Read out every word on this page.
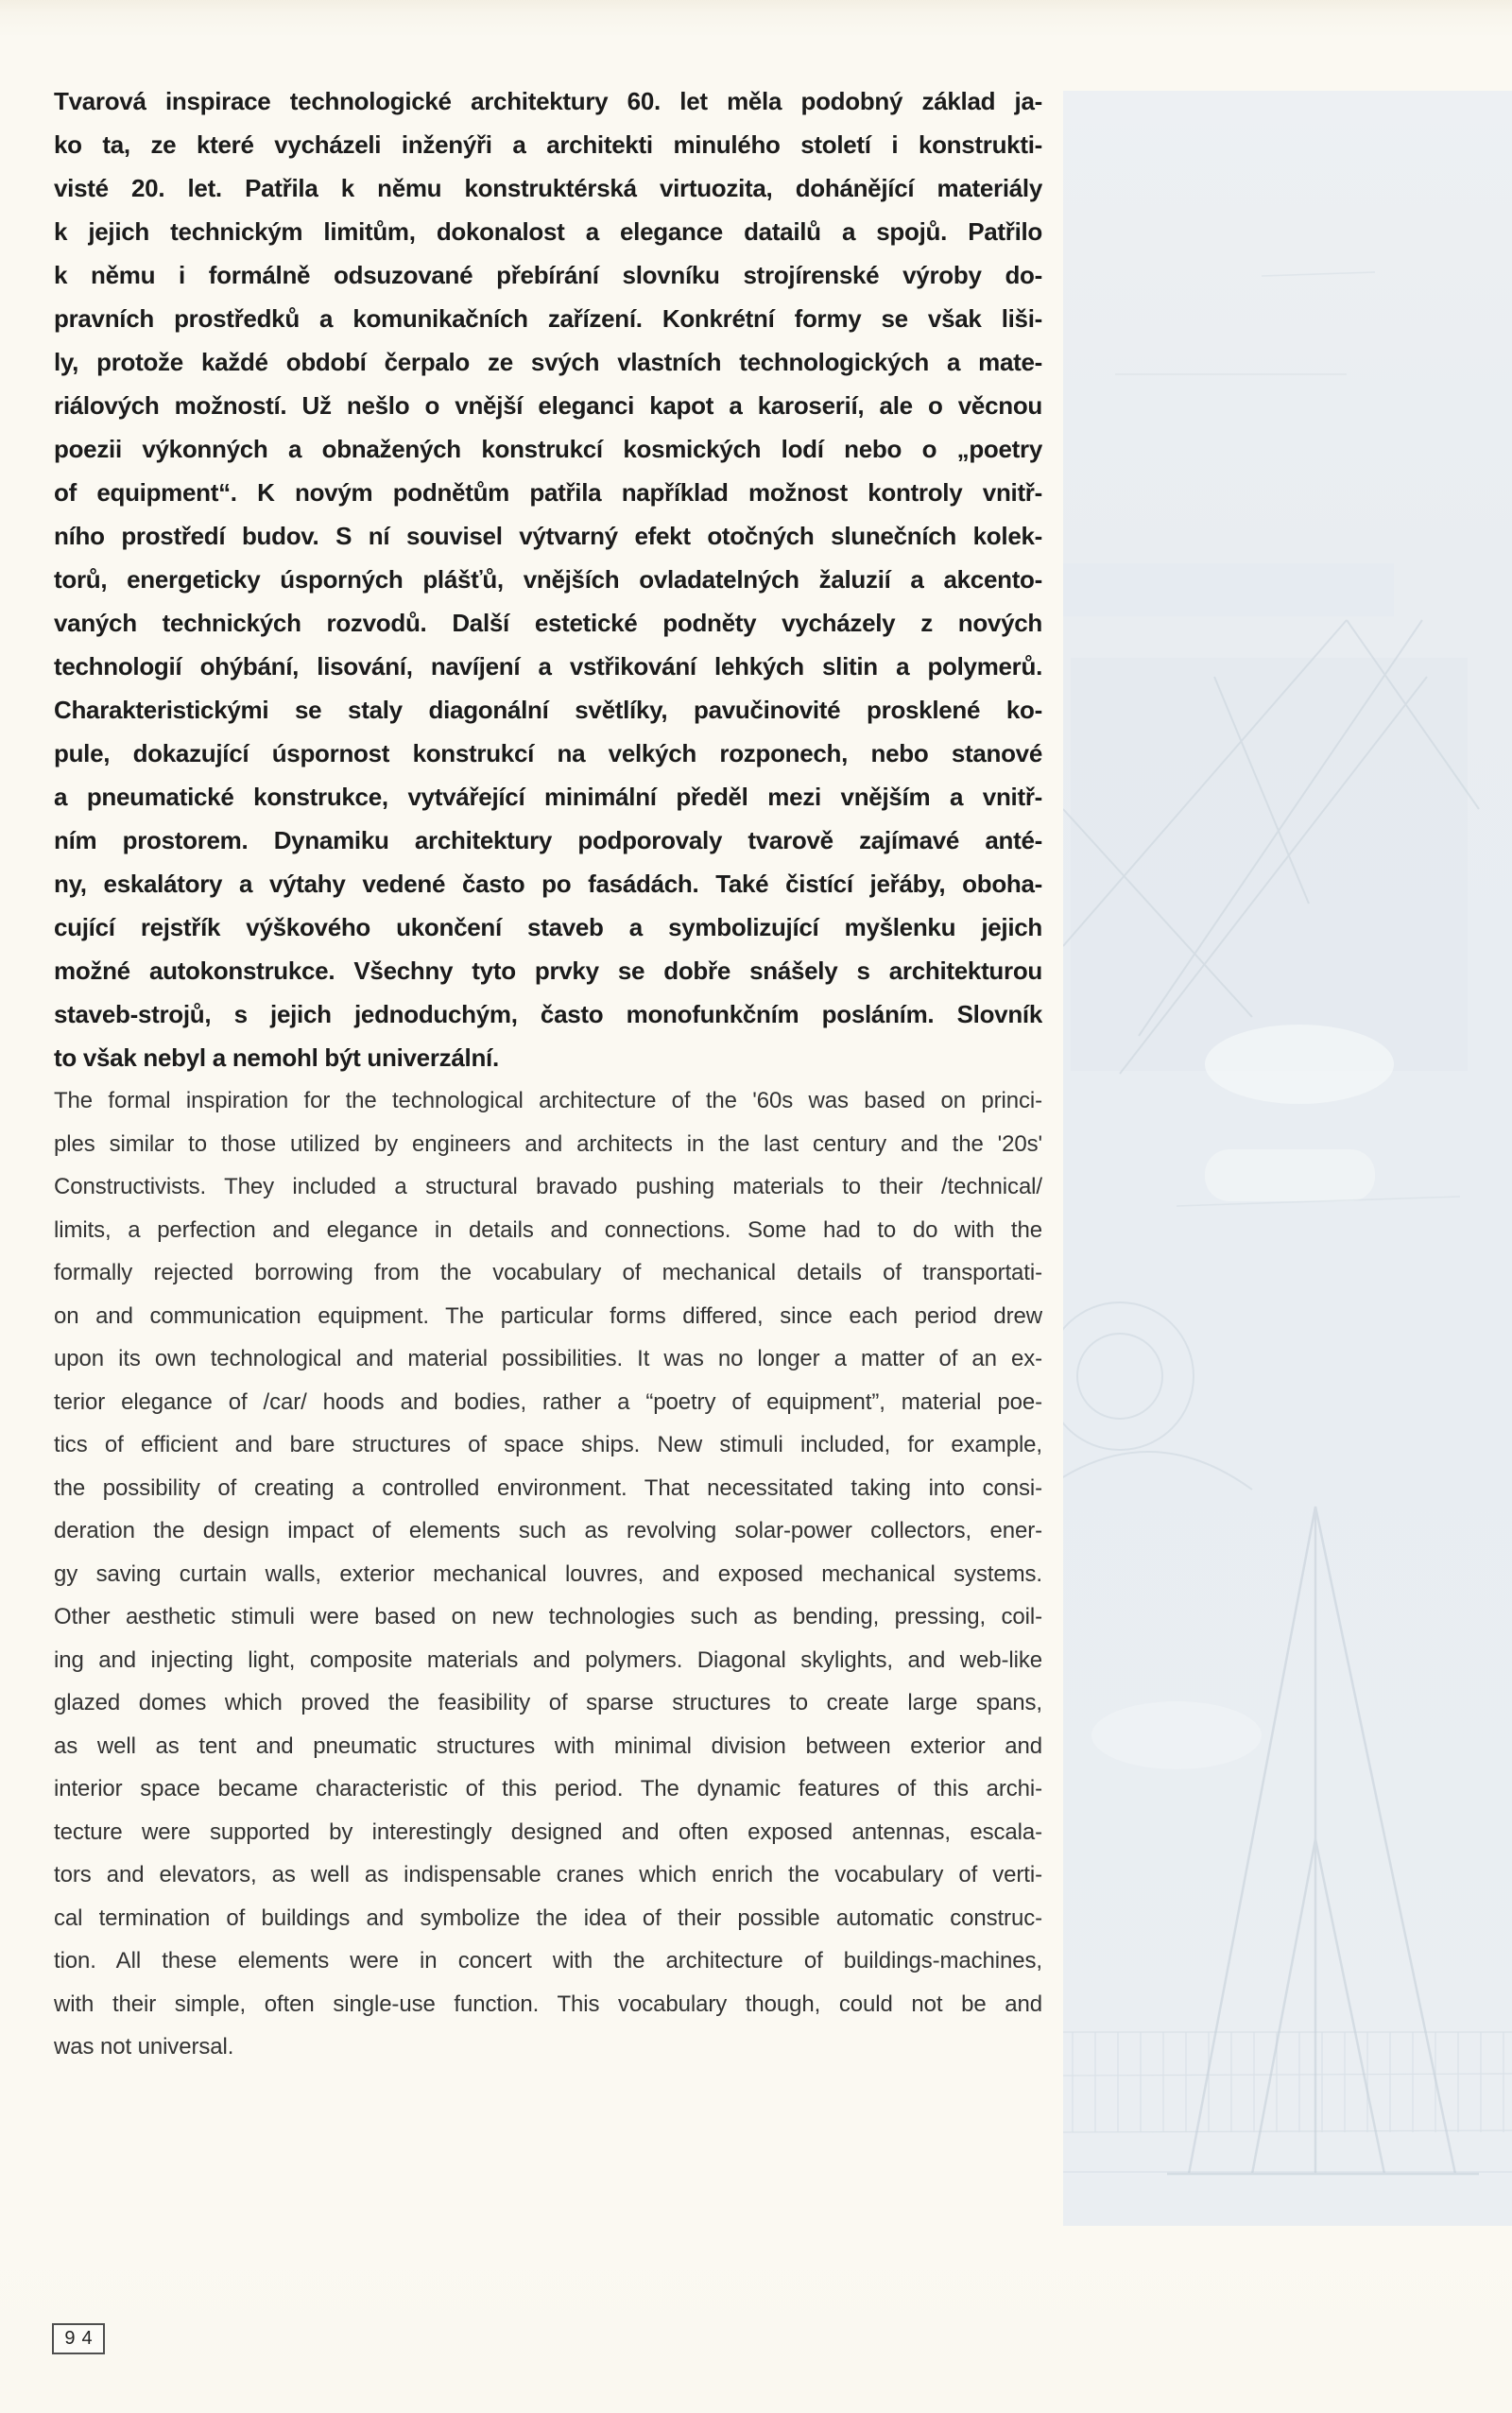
Tvarová inspirace technologické architektury 60. let měla podobný základ ja-
ko ta, ze které vycházeli inženýři a architekti minulého století i konstrukti-
visté 20. let. Patřila k němu konstruktérská virtuozita, dohánějící materiály
k jejich technickým limitům, dokonalost a elegance datailů a spojů. Patřilo
k němu i formálně odsuzované přebírání slovníku strojírenské výroby do-
pravních prostředků a komunikačních zařízení. Konkrétní formy se však liši-
ly, protože každé období čerpalo ze svých vlastních technologických a mate-
riálových možností. Už nešlo o vnější eleganci kapot a karoserií, ale o věcnou
poezii výkonných a obnažených konstrukcí kosmických lodí nebo o „poetry
of equipment“. K novým podnětům patřila například možnost kontroly vnitř-
ního prostředí budov. S ní souvisel výtvarný efekt otočných slunečních kolek-
torů, energeticky úsporných plášťů, vnějších ovladatelných žaluzií a akcento-
vaných technických rozvodů. Další estetické podněty vycházely z nových
technologií ohýbání, lisování, navíjení a vstřikování lehkých slitin a polymerů.
Charakteristickými se staly diagonální světlíky, pavučinovité prosklené ko-
pule, dokazující úspornost konstrukcí na velkých rozponech, nebo stanové
a pneumatické konstrukce, vytvářející minimální předěl mezi vnějším a vnitř-
ním prostorem. Dynamiku architektury podporovaly tvarově zajímavé anté-
ny, eskalátory a výtahy vedené často po fasádách. Také čistící jeřáby, oboha-
cující rejstřík výškového ukončení staveb a symbolizující myšlenku jejich
možné autokonstrukce. Všechny tyto prvky se dobře snášely s architekturou
staveb-strojů, s jejich jednoduchým, často monofunkčním posláním. Slovník
to však nebyl a nemohl být univerzální.
The formal inspiration for the technological architecture of the '60s was based on princi-
ples similar to those utilized by engineers and architects in the last century and the '20s'
Constructivists. They included a structural bravado pushing materials to their /technical/
limits, a perfection and elegance in details and connections. Some had to do with the
formally rejected borrowing from the vocabulary of mechanical details of transportati-
on and communication equipment. The particular forms differed, since each period drew
upon its own technological and material possibilities. It was no longer a matter of an ex-
terior elegance of /car/ hoods and bodies, rather a “poetry of equipment”, material poe-
tics of efficient and bare structures of space ships. New stimuli included, for example,
the possibility of creating a controlled environment. That necessitated taking into consi-
deration the design impact of elements such as revolving solar-power collectors, ener-
gy saving curtain walls, exterior mechanical louvres, and exposed mechanical systems.
Other aesthetic stimuli were based on new technologies such as bending, pressing, coil-
ing and injecting light, composite materials and polymers. Diagonal skylights, and web-like
glazed domes which proved the feasibility of sparse structures to create large spans,
as well as tent and pneumatic structures with minimal division between exterior and
interior space became characteristic of this period. The dynamic features of this archi-
tecture were supported by interestingly designed and often exposed antennas, escala-
tors and elevators, as well as indispensable cranes which enrich the vocabulary of verti-
cal termination of buildings and symbolize the idea of their possible automatic construc-
tion. All these elements were in concert with the architecture of buildings-machines,
with their simple, often single-use function. This vocabulary though, could not be and
was not universal.
94
